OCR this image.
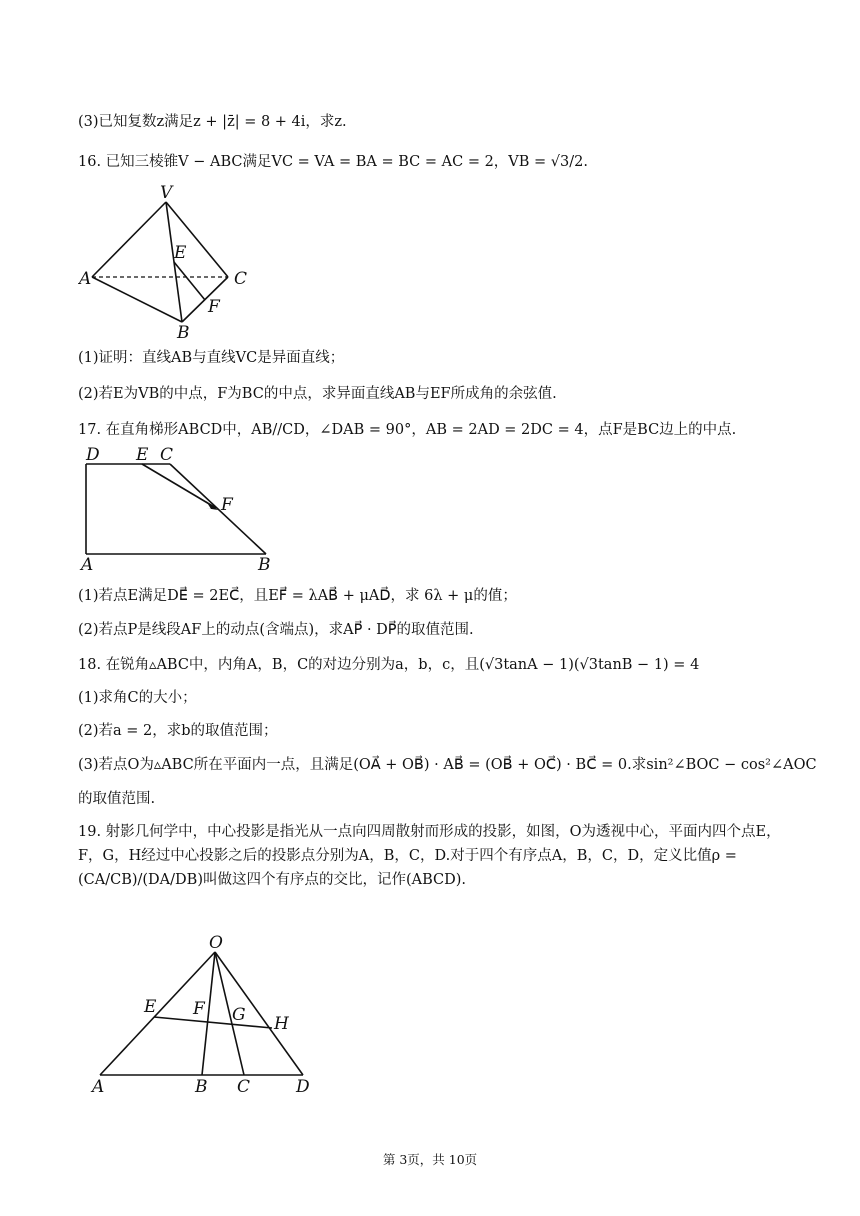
(3)已知复数z满足z + |z̄| = 8 + 4i，求z.
16. 已知三棱锥V − ABC满足VC = VA = BA = BC = AC = 2，VB = √3/2.
V
E
A	C
F
B
(1)证明：直线AB与直线VC是异面直线；
(2)若E为VB的中点，F为BC的中点，求异面直线AB与EF所成角的余弦值.
17. 在直角梯形ABCD中，AB//CD，∠DAB = 90°，AB = 2AD = 2DC = 4，点F是BC边上的中点.
D E C
F
A	B
(1)若点E满足DE⃗ = 2EC⃗，且EF⃗ = λAB⃗ + μAD⃗，求 6λ + μ的值；
(2)若点P是线段AF上的动点(含端点)，求AP⃗ · DP⃗的取值范围.
18. 在锐角▵ABC中，内角A，B，C的对边分别为a，b，c，且(√3tanA − 1)(√3tanB − 1) = 4
(1)求角C的大小；
(2)若a = 2，求b的取值范围；
(3)若点O为▵ABC所在平面内一点，且满足(OA⃗ + OB⃗) · AB⃗ = (OB⃗ + OC⃗) · BC⃗ = 0.求sin²∠BOC − cos²∠AOC
的取值范围.
19. 射影几何学中，中心投影是指光从一点向四周散射而形成的投影，如图，O为透视中心，平面内四个点E，F，G，H经过中心投影之后的投影点分别为A，B，C，D.对于四个有序点A，B，C，D，定义比值ρ = (CA/CB)/(DA/DB)叫做这四个有序点的交比，记作(ABCD).
O
E F G H
A	B C	D
第 3页，共 10页
